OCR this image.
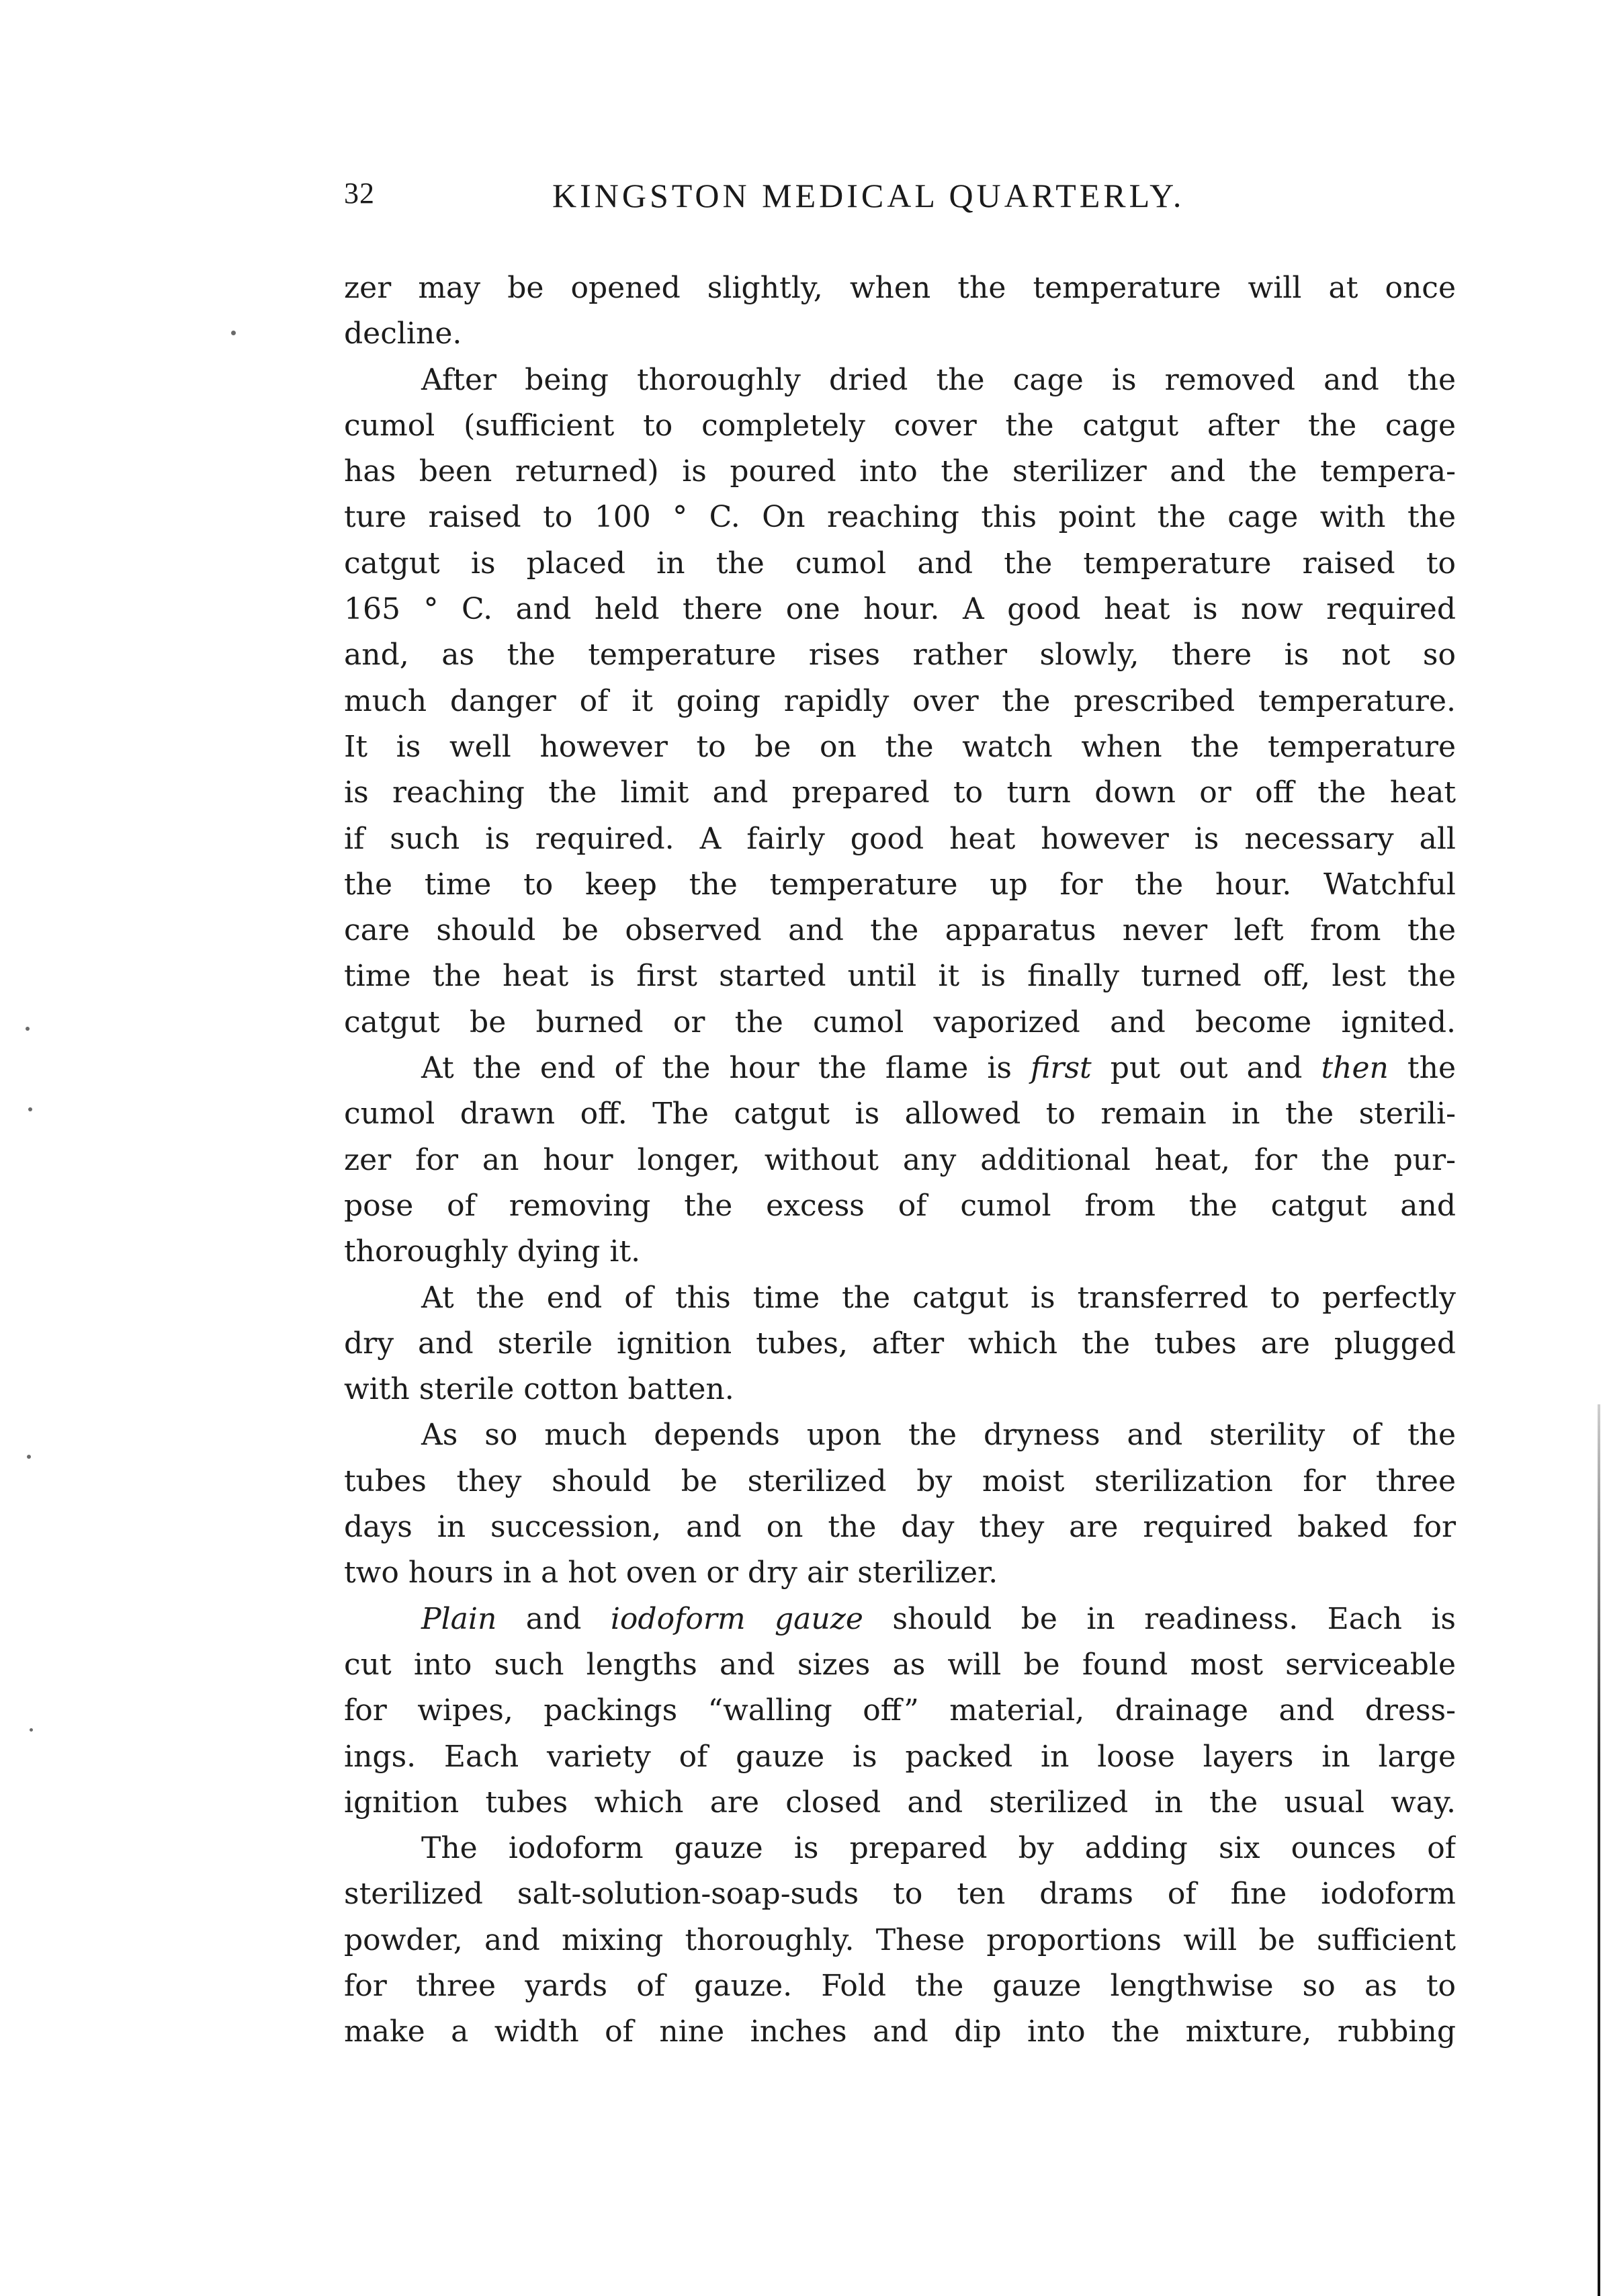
32	KINGSTON MEDICAL QUARTERLY.

zer may be opened slightly, when the temperature will at once

decline.

After being thoroughly dried the cage is removed and the

cumol (sufficient to completely cover the catgut after the cage

has been returned) is poured into the sterilizer and the tempera-

ture raised to 100 ° C. On reaching this point the cage with the

catgut is placed in the cumol and the temperature raised to

165 ° C. and held there one hour. A good heat is now required

and, as the temperature rises rather slowly, there is not so

much danger of it going rapidly over the prescribed temperature.

It is well however to be on the watch when the temperature

is reaching the limit and prepared to turn down or off the heat

if such is required. A fairly good heat however is necessary all

the time to keep the temperature up for the hour. Watchful

care should be observed and the apparatus never left from the

time the heat is first started until it is finally turned off, lest the

catgut be burned or the cumol vaporized and become ignited.

At the end of the hour the flame is first put out and then the

cumol drawn off. The catgut is allowed to remain in the sterili-

zer for an hour longer, without any additional heat, for the pur-

pose of removing the excess of cumol from the catgut and

thoroughly dying it.

At the end of this time the catgut is transferred to perfectly

dry and sterile ignition tubes, after which the tubes are plugged

with sterile cotton batten.

As so much depends upon the dryness and sterility of the

tubes they should be sterilized by moist sterilization for three

days in succession, and on the day they are required baked for

two hours in a hot oven or dry air sterilizer.

Plain and iodoform gauze should be in readiness. Each is

cut into such lengths and sizes as will be found most serviceable

for wipes, packings “walling off” material, drainage and dress-

ings. Each variety of gauze is packed in loose layers in large

ignition tubes which are closed and sterilized in the usual way.

The iodoform gauze is prepared by adding six ounces of

sterilized salt-solution-soap-suds to ten drams of fine iodoform

powder, and mixing thoroughly. These proportions will be sufficient

for three yards of gauze. Fold the gauze lengthwise so as to

make a width of nine inches and dip into the mixture, rubbing
